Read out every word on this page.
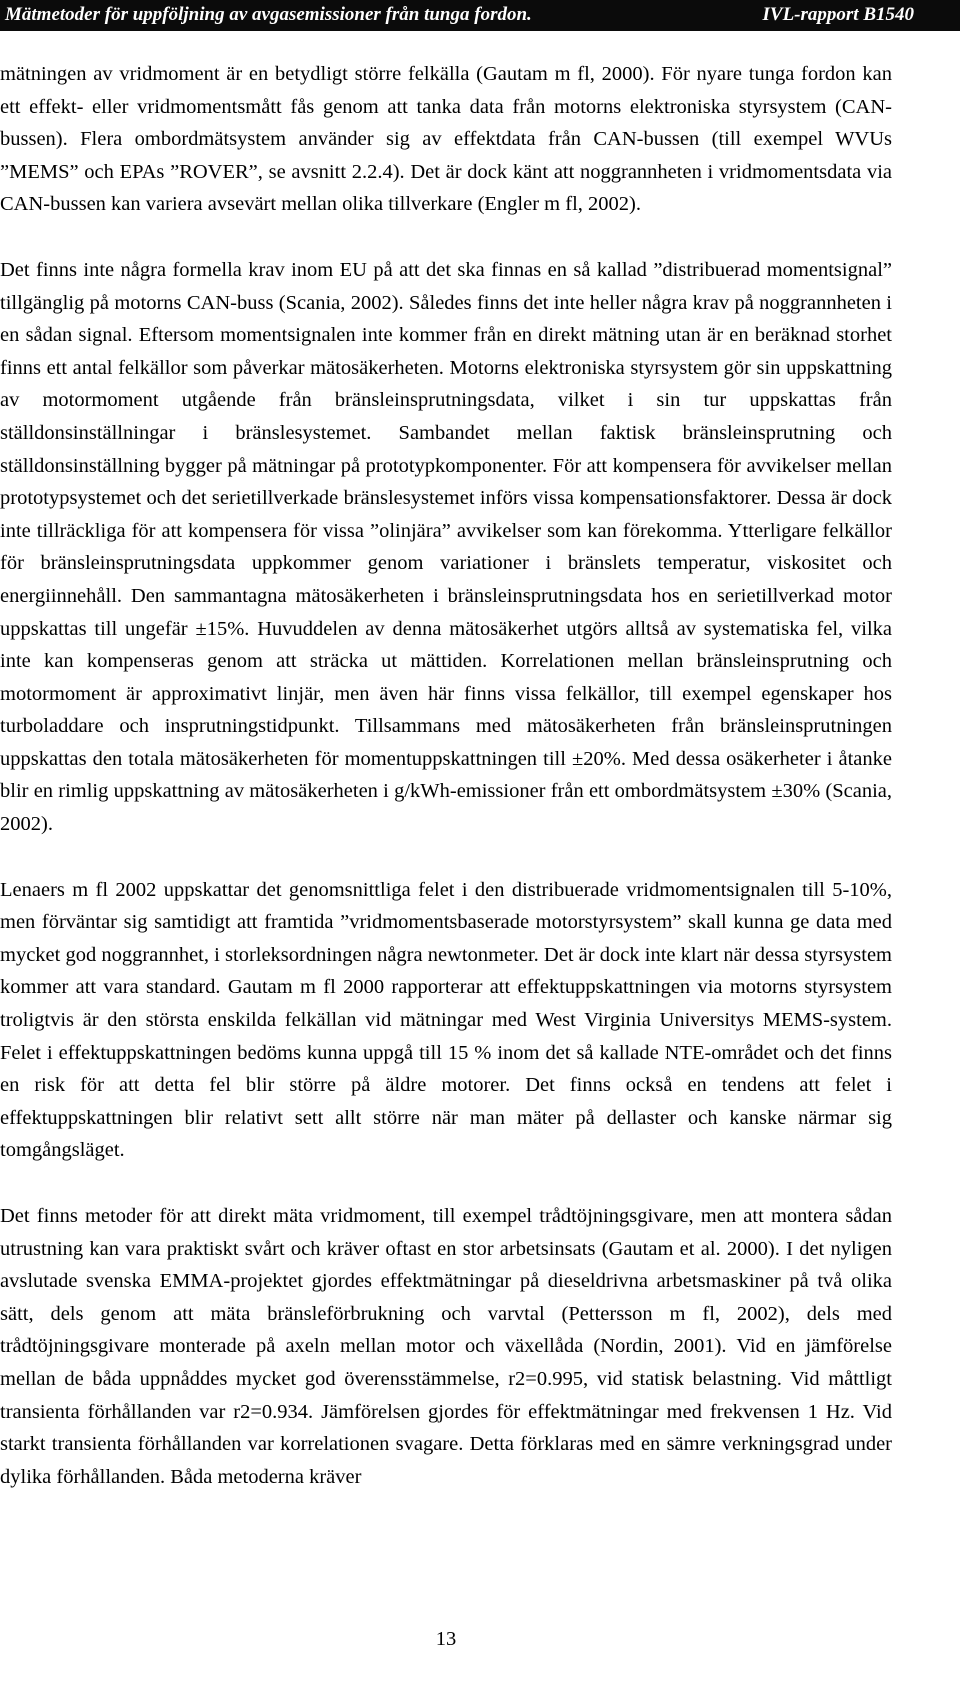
Mätmetoder för uppföljning av avgasemissioner från tunga fordon.	IVL-rapport B1540

mätningen av vridmoment är en betydligt större felkälla (Gautam m fl, 2000). För nyare tunga fordon kan ett effekt- eller vridmomentsmått fås genom att tanka data från motorns elektroniska styrsystem (CAN-bussen). Flera ombordmätsystem använder sig av effektdata från CAN-bussen (till exempel WVUs ”MEMS” och EPAs ”ROVER”, se avsnitt 2.2.4). Det är dock känt att noggrannheten i vridmomentsdata via CAN-bussen kan variera avsevärt mellan olika tillverkare (Engler m fl, 2002).

Det finns inte några formella krav inom EU på att det ska finnas en så kallad ”distribuerad momentsignal” tillgänglig på motorns CAN-buss (Scania, 2002). Således finns det inte heller några krav på noggrannheten i en sådan signal. Eftersom momentsignalen inte kommer från en direkt mätning utan är en beräknad storhet finns ett antal felkällor som påverkar mätosäkerheten. Motorns elektroniska styrsystem gör sin uppskattning av motormoment utgående från bränsleinsprutningsdata, vilket i sin tur uppskattas från ställdonsinställningar i bränslesystemet. Sambandet mellan faktisk bränsleinsprutning och ställdonsinställning bygger på mätningar på prototypkomponenter. För att kompensera för avvikelser mellan prototypsystemet och det serietillverkade bränslesystemet införs vissa kompensationsfaktorer. Dessa är dock inte tillräckliga för att kompensera för vissa ”olinjära” avvikelser som kan förekomma. Ytterligare felkällor för bränsleinsprutningsdata uppkommer genom variationer i bränslets temperatur, viskositet och energiinnehåll. Den sammantagna mätosäkerheten i bränsleinsprutningsdata hos en serietillverkad motor uppskattas till ungefär ±15%. Huvuddelen av denna mätosäkerhet utgörs alltså av systematiska fel, vilka inte kan kompenseras genom att sträcka ut mättiden. Korrelationen mellan bränsleinsprutning och motormoment är approximativt linjär, men även här finns vissa felkällor, till exempel egenskaper hos turboladdare och insprutningstidpunkt. Tillsammans med mätosäkerheten från bränsleinsprutningen uppskattas den totala mätosäkerheten för momentuppskattningen till ±20%. Med dessa osäkerheter i åtanke blir en rimlig uppskattning av mätosäkerheten i g/kWh-emissioner från ett ombordmätsystem ±30% (Scania, 2002).

Lenaers m fl 2002 uppskattar det genomsnittliga felet i den distribuerade vridmomentsignalen till 5-10%, men förväntar sig samtidigt att framtida ”vridmomentsbaserade motorstyrsystem” skall kunna ge data med mycket god noggrannhet, i storleksordningen några newtonmeter. Det är dock inte klart när dessa styrsystem kommer att vara standard. Gautam m fl 2000 rapporterar att effektuppskattningen via motorns styrsystem troligtvis är den största enskilda felkällan vid mätningar med West Virginia Universitys MEMS-system. Felet i effektuppskattningen bedöms kunna uppgå till 15 % inom det så kallade NTE-området och det finns en risk för att detta fel blir större på äldre motorer. Det finns också en tendens att felet i effektuppskattningen blir relativt sett allt större när man mäter på dellaster och kanske närmar sig tomgångsläget.

Det finns metoder för att direkt mäta vridmoment, till exempel trådtöjningsgivare, men att montera sådan utrustning kan vara praktiskt svårt och kräver oftast en stor arbetsinsats (Gautam et al. 2000). I det nyligen avslutade svenska EMMA-projektet gjordes effektmätningar på dieseldrivna arbetsmaskiner på två olika sätt, dels genom att mäta bränsleförbrukning och varvtal (Pettersson m fl, 2002), dels med trådtöjningsgivare monterade på axeln mellan motor och växellåda (Nordin, 2001). Vid en jämförelse mellan de båda uppnåddes mycket god överensstämmelse, r2=0.995, vid statisk belastning. Vid måttligt transienta förhållanden var r2=0.934. Jämförelsen gjordes för effektmätningar med frekvensen 1 Hz. Vid starkt transienta förhållanden var korrelationen svagare. Detta förklaras med en sämre verkningsgrad under dylika förhållanden. Båda metoderna kräver

13
